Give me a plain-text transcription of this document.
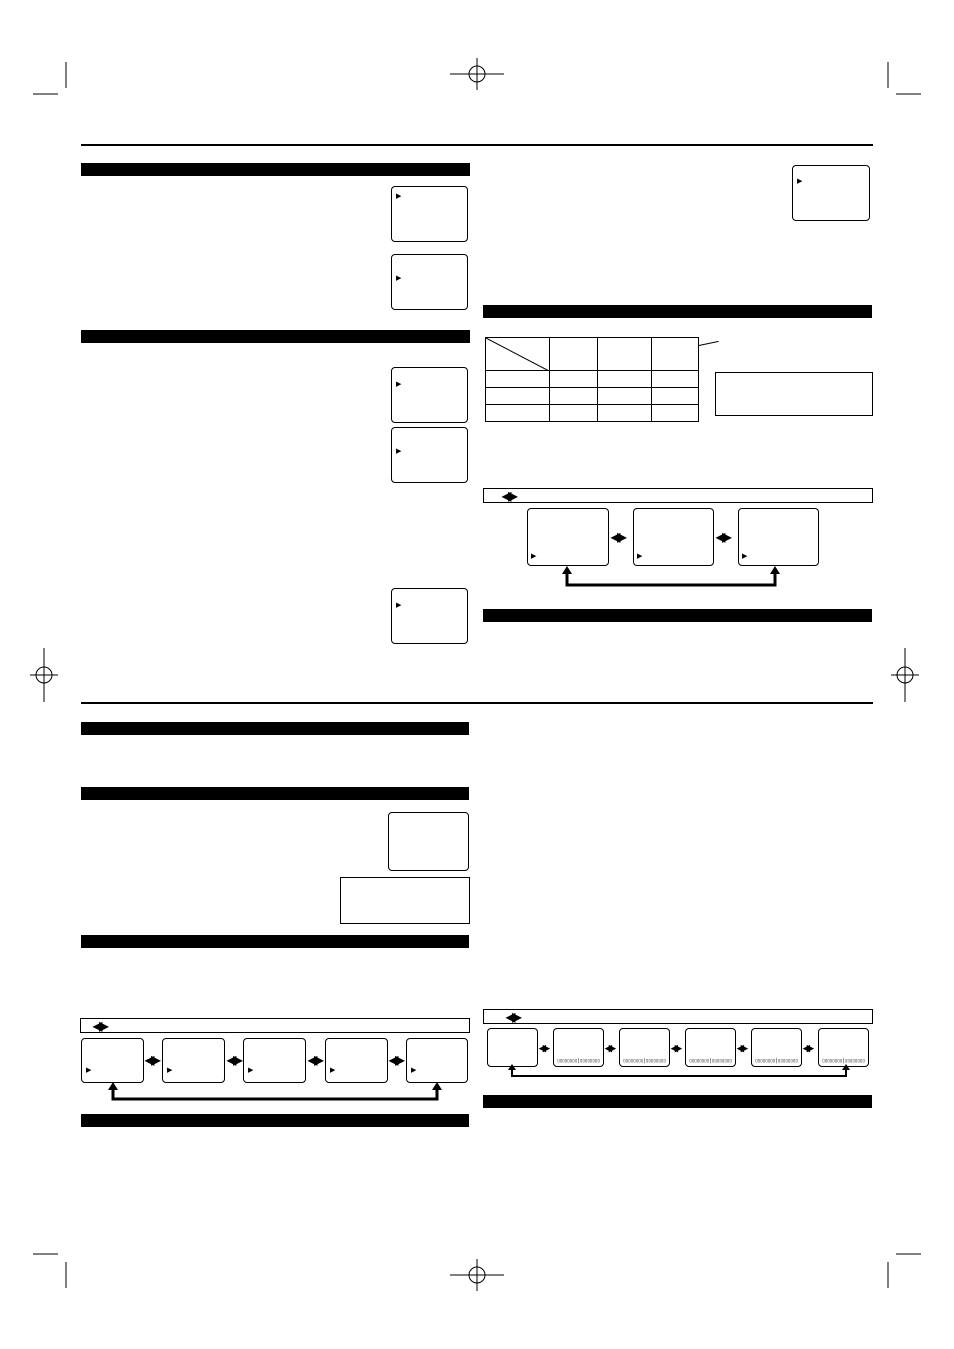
▶
▶
▶
▶
▶
▶

◀▶
▶
◀▶
▶
◀▶
▶
◀▶
▶
◀▶
▶
◀▶
▶
◀▶
▶
◀▶
▶
◀▶
◀▶
▯▯▯▯▯▯▯▯|▯▯▯▯▯▯▯▯
◀▶
▯▯▯▯▯▯▯▯|▯▯▯▯▯▯▯▯
◀▶
▯▯▯▯▯▯▯▯|▯▯▯▯▯▯▯▯
◀▶
▯▯▯▯▯▯▯▯|▯▯▯▯▯▯▯▯
◀▶
▯▯▯▯▯▯▯▯|▯▯▯▯▯▯▯▯
